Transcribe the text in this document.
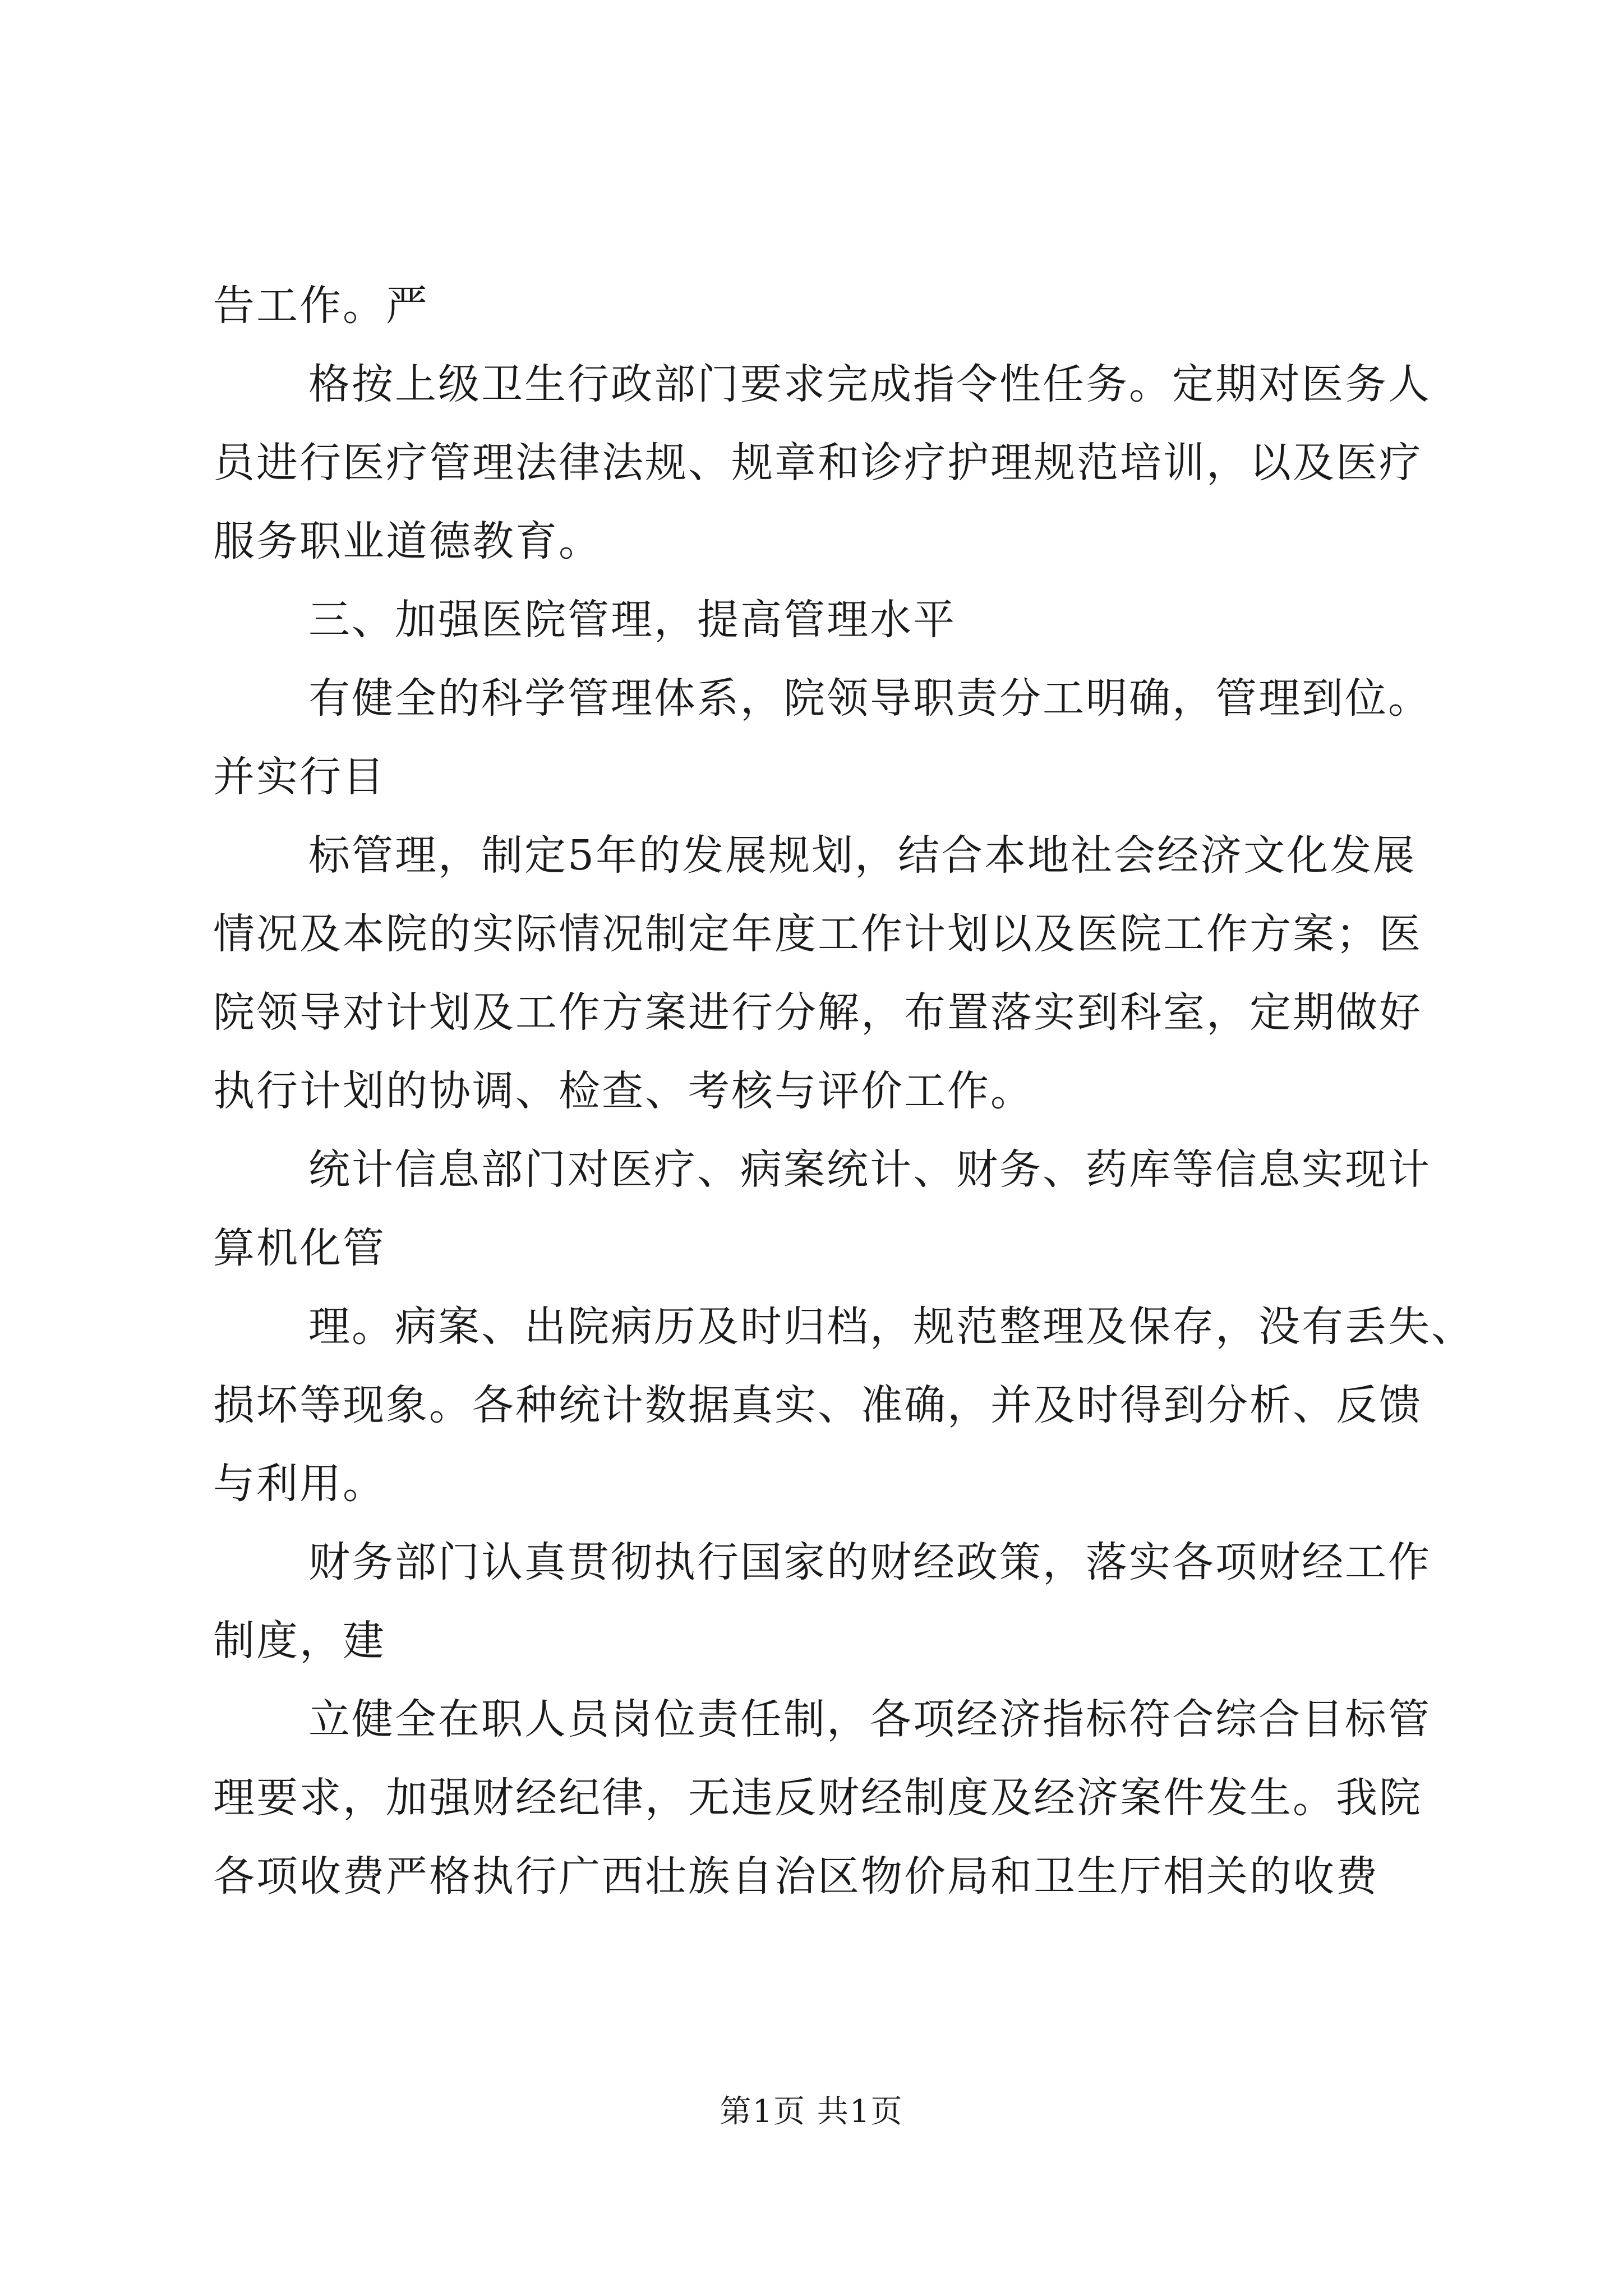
告工作。严
格按上级卫生行政部门要求完成指令性任务。定期对医务人
员进行医疗管理法律法规、规章和诊疗护理规范培训，以及医疗
服务职业道德教育。
三、加强医院管理，提高管理水平
有健全的科学管理体系，院领导职责分工明确，管理到位。
并实行目
标管理，制定5年的发展规划，结合本地社会经济文化发展
情况及本院的实际情况制定年度工作计划以及医院工作方案；医
院领导对计划及工作方案进行分解，布置落实到科室，定期做好
执行计划的协调、检查、考核与评价工作。
统计信息部门对医疗、病案统计、财务、药库等信息实现计
算机化管
理。病案、出院病历及时归档，规范整理及保存，没有丢失、
损坏等现象。各种统计数据真实、准确，并及时得到分析、反馈
与利用。
财务部门认真贯彻执行国家的财经政策，落实各项财经工作
制度，建
立健全在职人员岗位责任制，各项经济指标符合综合目标管
理要求，加强财经纪律，无违反财经制度及经济案件发生。我院
各项收费严格执行广西壮族自治区物价局和卫生厅相关的收费
第1页 共1页
